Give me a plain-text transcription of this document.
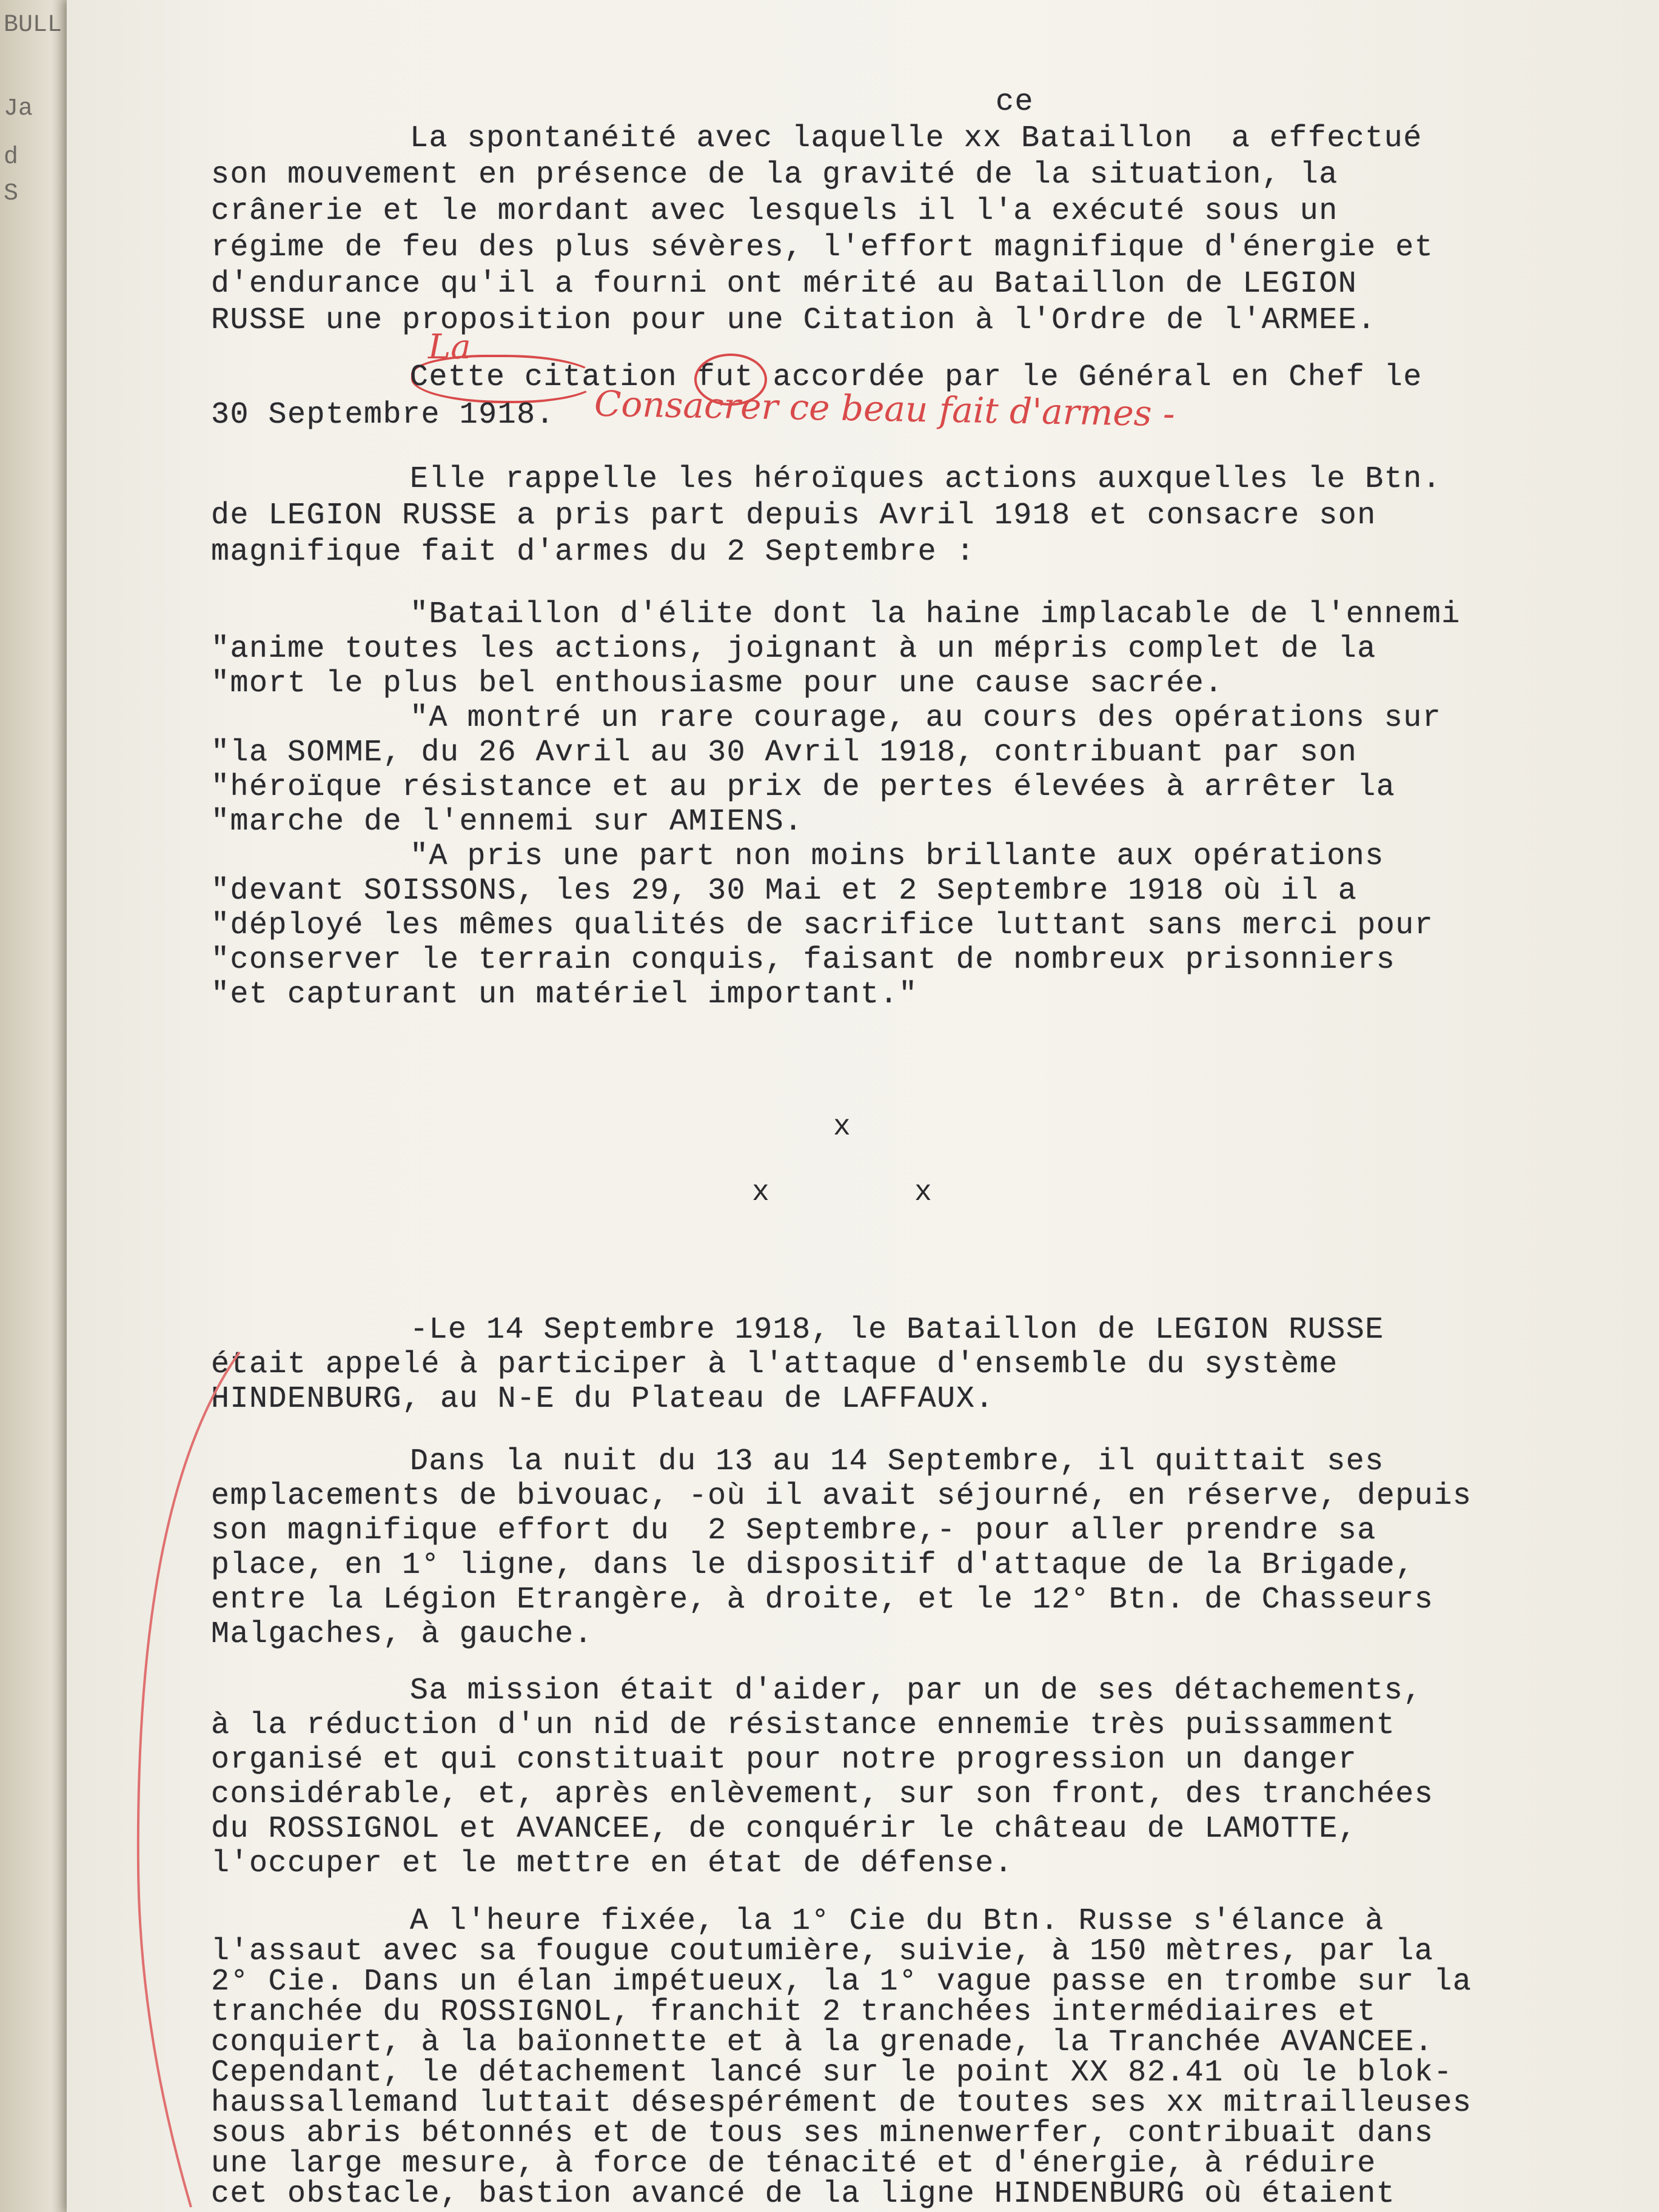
BULL
Ja
d
S
ce
La spontanéité avec laquelle xx Bataillon  a effectué
son mouvement en présence de la gravité de la situation, la
crânerie et le mordant avec lesquels il l'a exécuté sous un
régime de feu des plus sévères, l'effort magnifique d'énergie et
d'endurance qu'il a fourni ont mérité au Bataillon de LEGION
RUSSE une proposition pour une Citation à l'Ordre de l'ARMEE.
La
Cette citation fut accordée par le Général en Chef le
30 Septembre 1918. Consacrer ce beau fait d'armes -
Elle rappelle les héroïques actions auxquelles le Btn.
de LEGION RUSSE a pris part depuis Avril 1918 et consacre son
magnifique fait d'armes du 2 Septembre :
"Bataillon d'élite dont la haine implacable de l'ennemi
"anime toutes les actions, joignant à un mépris complet de la
"mort le plus bel enthousiasme pour une cause sacrée.
"A montré un rare courage, au cours des opérations sur
"la SOMME, du 26 Avril au 30 Avril 1918, contribuant par son
"héroïque résistance et au prix de pertes élevées à arrêter la
"marche de l'ennemi sur AMIENS.
"A pris une part non moins brillante aux opérations
"devant SOISSONS, les 29, 30 Mai et 2 Septembre 1918 où il a
"déployé les mêmes qualités de sacrifice luttant sans merci pour
"conserver le terrain conquis, faisant de nombreux prisonniers
"et capturant un matériel important."
x
x	x
-Le 14 Septembre 1918, le Bataillon de LEGION RUSSE
était appelé à participer à l'attaque d'ensemble du système
HINDENBURG, au N-E du Plateau de LAFFAUX.
Dans la nuit du 13 au 14 Septembre, il quittait ses
emplacements de bivouac, -où il avait séjourné, en réserve, depuis
son magnifique effort du  2 Septembre,- pour aller prendre sa
place, en 1° ligne, dans le dispositif d'attaque de la Brigade,
entre la Légion Etrangère, à droite, et le 12° Btn. de Chasseurs
Malgaches, à gauche.
Sa mission était d'aider, par un de ses détachements,
à la réduction d'un nid de résistance ennemie très puissamment
organisé et qui constituait pour notre progression un danger
considérable, et, après enlèvement, sur son front, des tranchées
du ROSSIGNOL et AVANCEE, de conquérir le château de LAMOTTE,
l'occuper et le mettre en état de défense.
A l'heure fixée, la 1° Cie du Btn. Russe s'élance à
l'assaut avec sa fougue coutumière, suivie, à 150 mètres, par la
2° Cie. Dans un élan impétueux, la 1° vague passe en trombe sur la
tranchée du ROSSIGNOL, franchit 2 tranchées intermédiaires et
conquiert, à la baïonnette et à la grenade, la Tranchée AVANCEE.
Cependant, le détachement lancé sur le point XX 82.41 où le blok-
haussallemand luttait désespérément de toutes ses xx mitrailleuses
sous abris bétonnés et de tous ses minenwerfer, contribuait dans
une large mesure, à force de ténacité et d'énergie, à réduire
cet obstacle, bastion avancé de la ligne HINDENBURG où étaient
